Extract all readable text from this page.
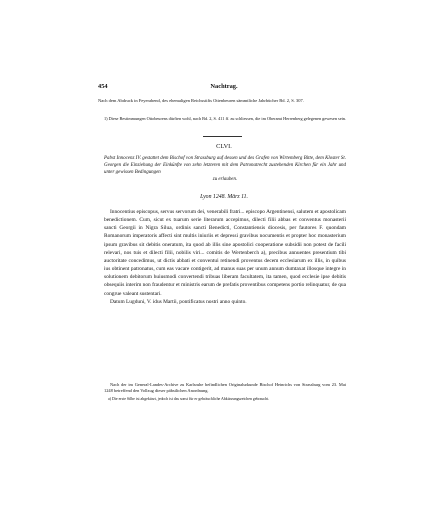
454	Nachtrag.
Nach dem Abdruck in Feyerabend, des ehemaligen Reichsstifts Ottenbeuren sämmtliche Jahrbücher Bd. 2, S. 307.
1) Diese Bestimmungen Ottobeurens dürften wohl, nach Bd. 2, S. 411 ff. zu schliessen, die im Oberamt Herrenberg gelegenen gewesen sein.
CLVI.
Pabst Innocenz IV. gestattet dem Bischof von Strassburg auf dessen und des Grafen von Wirtemberg Bitte, dem Kloster St. Georgen die Einziehung der Einkünfte von zehn letzteren mit dem Patronatrecht zustehenden Kirchen für ein Jahr und unter gewissen Bedingungen
zu erlauben.
Lyon 1248. März 11.
Innocentius episcopus, servus servorum dei, venerabili fratri... episcopo Argentinensi, salutem et apostolicam benedictionem. Cum, sicut ex tuarum serie literarum accepimus, dilecti filii abbas et conventus monasterii sancti Georgii in Nigra Silua, ordinis sancti Benedicti, Constantiensis diocesis, per fautores F. quondam Romanorum imperatoris affecti sint multis iniuriis et depressi gravibus nocumentis et propter hoc monasterium ipsum gravibus sit debitis oneratum, ita quod ab illis sine apostolici cooperatione subsidii non potest de facili relevari, nos tuis et dilecti filii, nobilis viri... comitis de Wertenberch a), precibus annuentes presentium tibi auctoritate concedimus, ut dictis abbati et conventui retinendi proventus decem ecclesiarum ex illis, in quibus ius obtinent patronatus, cum eas vacare contigerit, ad manus suas per unum annum dumtaxat illosque integre in solutionem debitorum huiusmodi convertendi tribuas liberam facultatem, ita tamen, quod ecclesie ipse debitis obsequiis interim non fraudentur et ministris earum de prefatis proventibus competens portio relinquatur, de qua congrue valeant sustentari.
Datum Lugduni, V. idus Martii, pontificatus nostri anno quinto.
Nach der im General-Landes-Archive zu Karlsruhe befindlichen Originalurkunde Bischof Heinrichs von Strassburg vom 23. Mai 1248 betreffend den Vollzug dieser päbstlichen Anordnung.
a) Die erste Silbe ist abgekürzt, jedoch ist das sonst für er gebräuchliche Abkürzungszeichen gebraucht.
